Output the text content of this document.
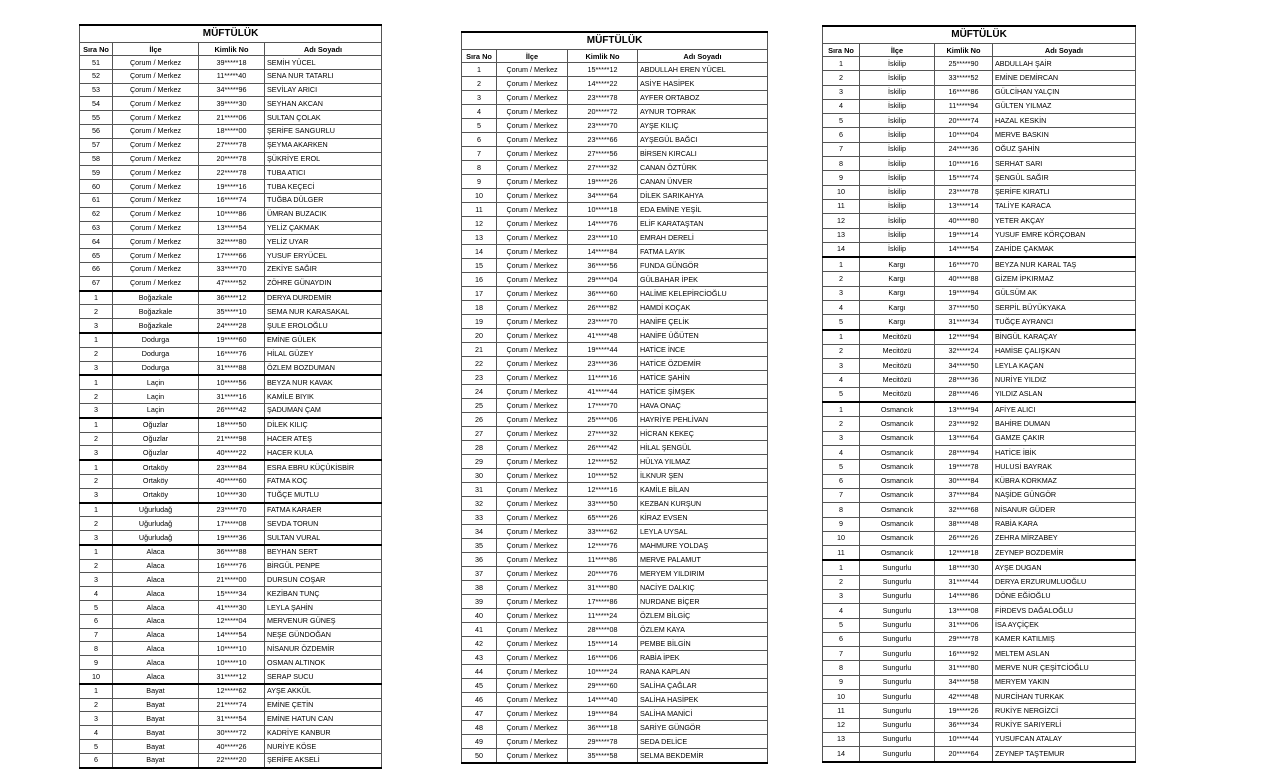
MÜFTÜLÜK			
Sıra No	İlçe	Kimlik No	Adı Soyadı
51	Çorum / Merkez	39*****18	SEMİH YÜCEL
52	Çorum / Merkez	11*****40	SENA NUR TATARLI
53	Çorum / Merkez	34*****96	SEVİLAY ARICI
54	Çorum / Merkez	39*****30	SEYHAN AKCAN
55	Çorum / Merkez	21*****06	SULTAN ÇOLAK
56	Çorum / Merkez	18*****00	ŞERİFE SANGURLU
57	Çorum / Merkez	27*****78	ŞEYMA AKARKEN
58	Çorum / Merkez	20*****78	ŞÜKRİYE EROL
59	Çorum / Merkez	22*****78	TUBA ATICI
60	Çorum / Merkez	19*****16	TUBA KEÇECİ
61	Çorum / Merkez	16*****74	TUĞBA DÜLGER
62	Çorum / Merkez	10*****86	ÜMRAN BUZACIK
63	Çorum / Merkez	13*****54	YELİZ ÇAKMAK
64	Çorum / Merkez	32*****80	YELİZ UYAR
65	Çorum / Merkez	17*****66	YUSUF ERYÜCEL
66	Çorum / Merkez	33*****70	ZEKİYE SAĞIR
67	Çorum / Merkez	47*****52	ZÖHRE GÜNAYDIN
1	Boğazkale	36*****12	DERYA DURDEMİR
2	Boğazkale	35*****10	SEMA NUR KARASAKAL
3	Boğazkale	24*****28	ŞULE EROLOĞLU
1	Dodurga	19*****60	EMİNE GÜLEK
2	Dodurga	16*****76	HİLAL GÜZEY
3	Dodurga	31*****88	ÖZLEM BOZDUMAN
1	Laçin	10*****56	BEYZA NUR KAVAK
2	Laçin	31*****16	KAMİLE BIYIK
3	Laçin	26*****42	ŞADUMAN ÇAM
1	Oğuzlar	18*****50	DİLEK KILIÇ
2	Oğuzlar	21*****98	HACER ATEŞ
3	Oğuzlar	40*****22	HACER KULA
1	Ortaköy	23*****84	ESRA EBRU KÜÇÜKİSBİR
2	Ortaköy	40*****60	FATMA KOÇ
3	Ortaköy	10*****30	TUĞÇE MUTLU
1	Uğurludağ	23*****70	FATMA KARAER
2	Uğurludağ	17*****08	SEVDA TORUN
3	Uğurludağ	19*****36	SULTAN VURAL
1	Alaca	36*****88	BEYHAN SERT
2	Alaca	16*****76	BİRGÜL PENPE
3	Alaca	21*****00	DURSUN COŞAR
4	Alaca	15*****34	KEZİBAN TUNÇ
5	Alaca	41*****30	LEYLA ŞAHİN
6	Alaca	12*****04	MERVENUR GÜNEŞ
7	Alaca	14*****54	NEŞE GÜNDOĞAN
8	Alaca	10*****10	NİSANUR ÖZDEMİR
9	Alaca	10*****10	OSMAN ALTINOK
10	Alaca	31*****12	SERAP SUCU
1	Bayat	12*****62	AYŞE AKKÜL
2	Bayat	21*****74	EMİNE ÇETİN
3	Bayat	31*****54	EMİNE HATUN CAN
4	Bayat	30*****72	KADRİYE KANBUR
5	Bayat	40*****26	NURİYE KÖSE
6	Bayat	22*****20	ŞERİFE AKSELİ
MÜFTÜLÜK			
Sıra No	İlçe	Kimlik No	Adı Soyadı
1	Çorum / Merkez	15*****12	ABDULLAH EREN YÜCEL
2	Çorum / Merkez	14*****22	ASİYE HASİPEK
3	Çorum / Merkez	23*****78	AYFER ORTABOZ
4	Çorum / Merkez	20*****72	AYNUR TOPRAK
5	Çorum / Merkez	23*****70	AYŞE KILIÇ
6	Çorum / Merkez	23*****66	AYŞEGÜL BAĞCI
7	Çorum / Merkez	27*****56	BİRSEN KIRCALI
8	Çorum / Merkez	27*****32	CANAN ÖZTÜRK
9	Çorum / Merkez	19*****26	CANAN ÜNVER
10	Çorum / Merkez	34*****64	DİLEK SARIKAHYA
11	Çorum / Merkez	10*****18	EDA EMİNE YEŞİL
12	Çorum / Merkez	14*****76	ELİF KARATAŞTAN
13	Çorum / Merkez	23*****10	EMRAH DERELİ
14	Çorum / Merkez	14*****84	FATMA LAYIK
15	Çorum / Merkez	36*****56	FUNDA GÜNGÖR
16	Çorum / Merkez	29*****04	GÜLBAHAR İPEK
17	Çorum / Merkez	36*****60	HALİME KELEPİRCİOĞLU
18	Çorum / Merkez	26*****82	HAMDİ KOÇAK
19	Çorum / Merkez	23*****70	HANİFE ÇELİK
20	Çorum / Merkez	41*****48	HANİFE ÜĞÜTEN
21	Çorum / Merkez	19*****44	HATİCE İNCE
22	Çorum / Merkez	23*****36	HATİCE ÖZDEMİR
23	Çorum / Merkez	11*****16	HATİCE ŞAHİN
24	Çorum / Merkez	41*****44	HATİCE ŞİMŞEK
25	Çorum / Merkez	17*****70	HAVA ONAÇ
26	Çorum / Merkez	25*****06	HAYRİYE PEHLİVAN
27	Çorum / Merkez	27*****32	HİCRAN KEKEÇ
28	Çorum / Merkez	26*****42	HİLAL ŞENGÜL
29	Çorum / Merkez	12*****52	HÜLYA YILMAZ
30	Çorum / Merkez	10*****52	İLKNUR ŞEN
31	Çorum / Merkez	12*****16	KAMİLE BİLAN
32	Çorum / Merkez	33*****50	KEZBAN KURŞUN
33	Çorum / Merkez	65*****26	KİRAZ EVSEN
34	Çorum / Merkez	33*****62	LEYLA UYSAL
35	Çorum / Merkez	12*****76	MAHMURE YOLDAŞ
36	Çorum / Merkez	11*****86	MERVE PALAMUT
37	Çorum / Merkez	20*****76	MERYEM YILDIRIM
38	Çorum / Merkez	31*****80	NACİYE DALKIÇ
39	Çorum / Merkez	17*****86	NURDANE BİÇER
40	Çorum / Merkez	11*****24	ÖZLEM BİLGİÇ
41	Çorum / Merkez	28*****08	ÖZLEM KAYA
42	Çorum / Merkez	15*****14	PEMBE BİLGİN
43	Çorum / Merkez	16*****06	RABİA İPEK
44	Çorum / Merkez	10*****24	RANA KAPLAN
45	Çorum / Merkez	29*****60	SALİHA ÇAĞLAR
46	Çorum / Merkez	14*****40	SALİHA HASİPEK
47	Çorum / Merkez	19*****84	SALİHA MANİCİ
48	Çorum / Merkez	36*****18	SARİYE GÜNGÖR
49	Çorum / Merkez	29*****78	SEDA DELİCE
50	Çorum / Merkez	35*****58	SELMA BEKDEMİR
MÜFTÜLÜK			
Sıra No	İlçe	Kimlik No	Adı Soyadı
1	İskilip	25*****90	ABDULLAH ŞAİR
2	İskilip	33*****52	EMİNE DEMİRCAN
3	İskilip	16*****86	GÜLCİHAN YALÇIN
4	İskilip	11*****94	GÜLTEN YILMAZ
5	İskilip	20*****74	HAZAL KESKİN
6	İskilip	10*****04	MERVE BASKIN
7	İskilip	24*****36	OĞUZ ŞAHİN
8	İskilip	10*****16	SERHAT SARI
9	İskilip	15*****74	ŞENGÜL SAĞIR
10	İskilip	23*****78	ŞERİFE KIRATLI
11	İskilip	13*****14	TALİYE KARACA
12	İskilip	40*****80	YETER AKÇAY
13	İskilip	19*****14	YUSUF EMRE KÖRÇOBAN
14	İskilip	14*****54	ZAHİDE ÇAKMAK
1	Kargı	16*****70	BEYZA NUR KARAL TAŞ
2	Kargı	40*****88	GİZEM İPKIRMAZ
3	Kargı	19*****94	GÜLSÜM AK
4	Kargı	37*****50	SERPİL BÜYÜKYAKA
5	Kargı	31*****34	TUĞÇE AYRANCI
1	Mecitözü	12*****94	BİNGÜL KARAÇAY
2	Mecitözü	32*****24	HAMİSE ÇALIŞKAN
3	Mecitözü	34*****50	LEYLA KAÇAN
4	Mecitözü	28*****36	NURİYE YILDIZ
5	Mecitözü	28*****46	YILDIZ ASLAN
1	Osmancık	13*****94	AFİYE ALICI
2	Osmancık	23*****92	BAHİRE DUMAN
3	Osmancık	13*****64	GAMZE ÇAKIR
4	Osmancık	28*****94	HATİCE İBİK
5	Osmancık	19*****78	HULUSİ BAYRAK
6	Osmancık	30*****84	KÜBRA KORKMAZ
7	Osmancık	37*****84	NAŞİDE GÜNGÖR
8	Osmancık	32*****68	NİSANUR GÜDER
9	Osmancık	38*****48	RABİA KARA
10	Osmancık	26*****26	ZEHRA MİRZABEY
11	Osmancık	12*****18	ZEYNEP BOZDEMİR
1	Sungurlu	18*****30	AYŞE DUGAN
2	Sungurlu	31*****44	DERYA ERZURUMLUOĞLU
3	Sungurlu	14*****86	DÖNE EĞİOĞLU
4	Sungurlu	13*****08	FİRDEVS DAĞALOĞLU
5	Sungurlu	31*****06	İSA AYÇİÇEK
6	Sungurlu	29*****78	KAMER KATILMIŞ
7	Sungurlu	16*****92	MELTEM ASLAN
8	Sungurlu	31*****80	MERVE NUR ÇEŞİTCİOĞLU
9	Sungurlu	34*****58	MERYEM YAKIN
10	Sungurlu	42*****48	NURCİHAN TURKAK
11	Sungurlu	19*****26	RUKİYE NERGİZCİ
12	Sungurlu	36*****34	RUKİYE SARIYERLİ
13	Sungurlu	10*****44	YUSUFCAN ATALAY
14	Sungurlu	20*****64	ZEYNEP TAŞTEMUR
